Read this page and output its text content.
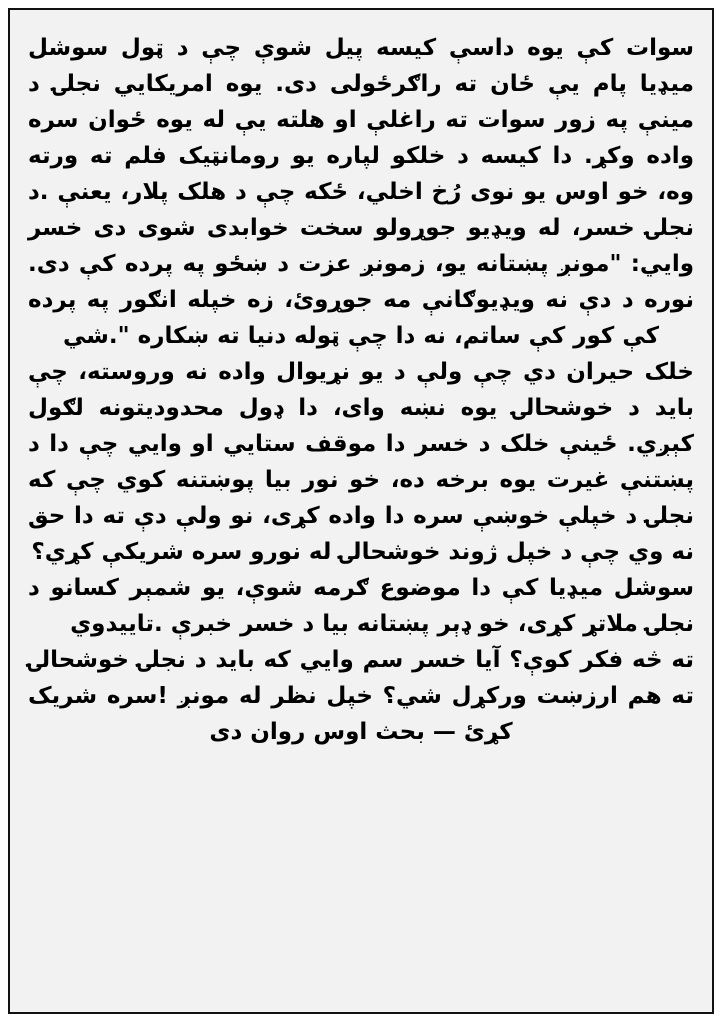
سوات کې یوه داسې کیسه پیل شوې چې د ټول سوشل میډیا پام یې ځان ته راګرځولی دی. یوه امریکایي نجلۍ د مینې په زور سوات ته راغلې او هلته یې له یوه ځوان سره واده وکړ. دا کیسه د خلکو لپاره یو رومانټیک فلم ته ورته وه، خو اوس یو نوی رُخ اخلي، ځکه چې د هلک پلار، یعنې .د نجلۍ خسر، له ویډیو جوړولو سخت خوابدی شوی دی خسر وایي: "مونږ پښتانه یو، زمونږ عزت د ښځو په پرده کې دی. نوره د دې نه ویډیوګانې مه جوړوئ، زه خپله انګور په پرده کې کور کې ساتم، نه دا چې ټوله دنیا ته ښکاره ".شي

خلک حیران دي چې ولې د یو نړیوال واده نه وروسته، چې باید د خوشحالۍ یوه نښه وای، دا ډول محدودیتونه لګول کېږي. ځینې خلک د خسر دا موقف ستایي او وایي چې دا د پښتنې غیرت یوه برخه ده، خو نور بیا پوښتنه کوي چې که نجلۍ د خپلې خوښې سره دا واده کړی، نو ولې دې ته دا حق نه وي چې د خپل ژوند خوشحالۍ له نورو سره شریکې کړي؟

سوشل میډیا کې دا موضوع ګرمه شوې، یو شمېر کسانو د نجلۍ ملاتړ کړی، خو ډېر پښتانه بیا د خسر خبرې .تاییدوي

ته څه فکر کوې؟ آیا خسر سم وایي که باید د نجلۍ خوشحالۍ ته هم ارزښت ورکړل شي؟ خپل نظر له مونږ !سره شریک کړئ — بحث اوس روان دی
